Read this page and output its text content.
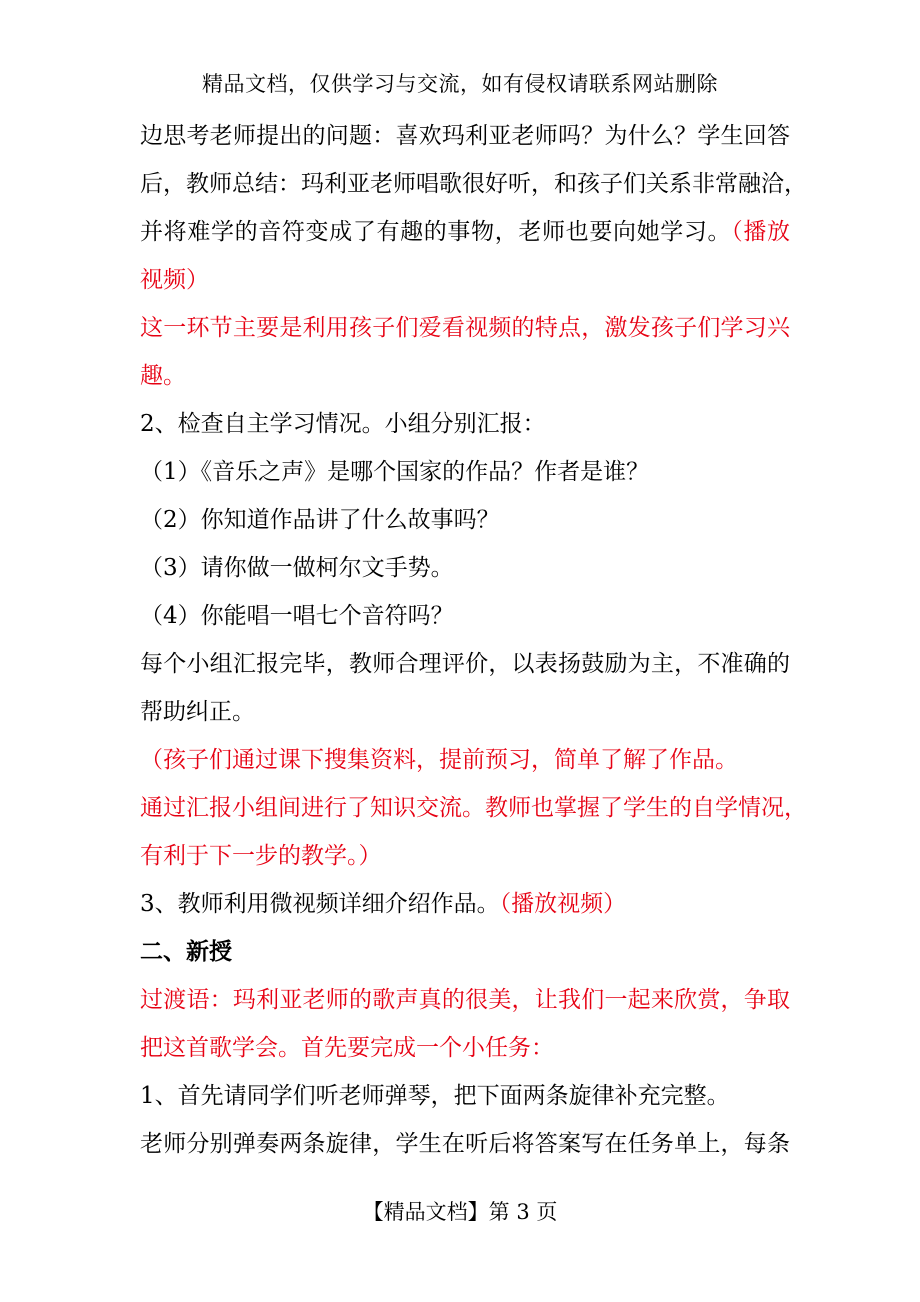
精品文档，仅供学习与交流，如有侵权请联系网站删除
边思考老师提出的问题：喜欢玛利亚老师吗？为什么？学生回答
后，教师总结：玛利亚老师唱歌很好听，和孩子们关系非常融洽，
并将难学的音符变成了有趣的事物，老师也要向她学习。（播放
视频）
这一环节主要是利用孩子们爱看视频的特点，激发孩子们学习兴
趣。
2、检查自主学习情况。小组分别汇报：
（1）《音乐之声》是哪个国家的作品？作者是谁？
（2）你知道作品讲了什么故事吗？
（3）请你做一做柯尔文手势。
（4）你能唱一唱七个音符吗？
每个小组汇报完毕，教师合理评价，以表扬鼓励为主，不准确的
帮助纠正。
（孩子们通过课下搜集资料，提前预习，简单了解了作品。
通过汇报小组间进行了知识交流。教师也掌握了学生的自学情况，
有利于下一步的教学。）
3、教师利用微视频详细介绍作品。（播放视频）
二、新授
过渡语：玛利亚老师的歌声真的很美，让我们一起来欣赏，争取
把这首歌学会。首先要完成一个小任务：
1、首先请同学们听老师弹琴，把下面两条旋律补充完整。
老师分别弹奏两条旋律，学生在听后将答案写在任务单上，每条
【精品文档】第 3 页
